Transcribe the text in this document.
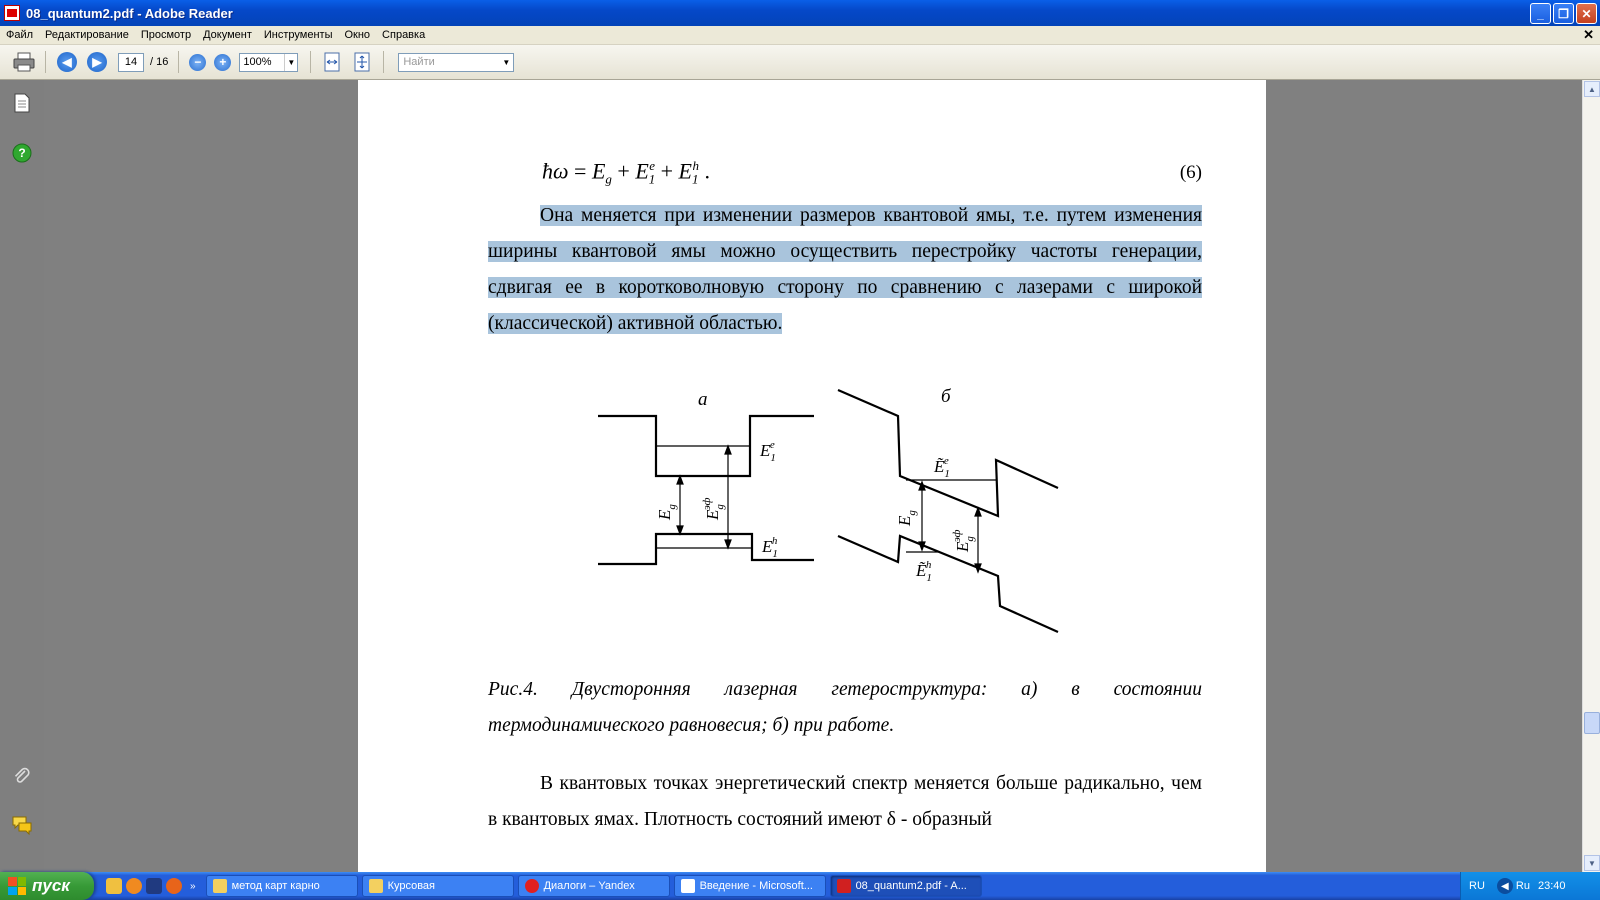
08_quantum2.pdf - Adobe Reader	_	❐	✕
Файл	Редактирование	Просмотр	Документ	Инструменты	Окно	Справка	✕
◀	▶	14	/ 16	−	+	100%	▼	Найти	▼
?
ħω = $E_g + E_1^e + E_1^h$ .	(6)
Она меняется при изменении размеров квантовой ямы, т.е. путем изменения ширины квантовой ямы можно осуществить перестройку частоты генерации, сдвигая ее в коротковолновую сторону по сравнению с лазерами с широкой (классической) активной областью.
а	б
$E_1e$
$E_1h$
Ẽ$_1$e
Ẽ$_1$h
$E_g$
$E_gэф$
$E_g$
$E_gэф$
Рис.4. Двусторонняя лазерная гетероструктура: а) в состоянии термодинамического равновесия; б) при работе.
В квантовых точках энергетический спектр меняется больше радикально, чем в квантовых ямах. Плотность состояний имеют δ - образный
▲
▼
пуск	»	метод карт карно	Курсовая	Диалоги – Yandex	Введение - Microsoft...	08_quantum2.pdf - A...	RU	◀ Ru 23:40
